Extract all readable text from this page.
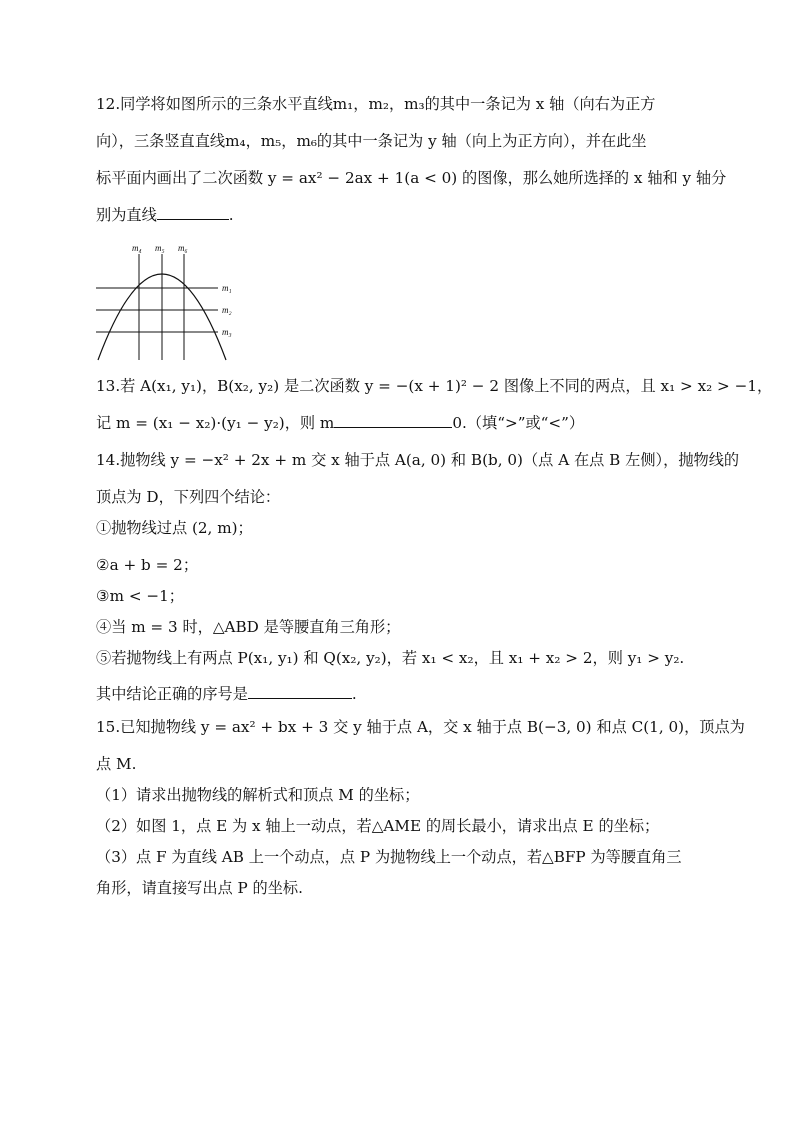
12.同学将如图所示的三条水平直线m₁，m₂，m₃的其中一条记为 x 轴（向右为正方
向），三条竖直直线m₄，m₅，m₆的其中一条记为 y 轴（向上为正方向），并在此坐
标平面内画出了二次函数 y = ax² − 2ax + 1(a < 0) 的图像，那么她所选择的 x 轴和 y 轴分
别为直线	.
m₄ m₅ m₆
m₁
m₂
m₃
13.若 A(x₁, y₁)，B(x₂, y₂) 是二次函数 y = −(x + 1)² − 2 图像上不同的两点，且 x₁ > x₂ > −1，
记 m = (x₁ − x₂)·(y₁ − y₂)，则 m	0.（填“>”或“<”）
14.抛物线 y = −x² + 2x + m 交 x 轴于点 A(a, 0) 和 B(b, 0)（点 A 在点 B 左侧），抛物线的
顶点为 D，下列四个结论：
①抛物线过点 (2, m)；
②a + b = 2；
③m < −1；
④当 m = 3 时，△ABD 是等腰直角三角形；
⑤若抛物线上有两点 P(x₁, y₁) 和 Q(x₂, y₂)，若 x₁ < x₂，且 x₁ + x₂ > 2，则 y₁ > y₂.
其中结论正确的序号是	.
15.已知抛物线 y = ax² + bx + 3 交 y 轴于点 A，交 x 轴于点 B(−3, 0) 和点 C(1, 0)，顶点为
点 M.
（1）请求出抛物线的解析式和顶点 M 的坐标；
（2）如图 1，点 E 为 x 轴上一动点，若△AME 的周长最小，请求出点 E 的坐标；
（3）点 F 为直线 AB 上一个动点，点 P 为抛物线上一个动点，若△BFP 为等腰直角三
角形，请直接写出点 P 的坐标.
